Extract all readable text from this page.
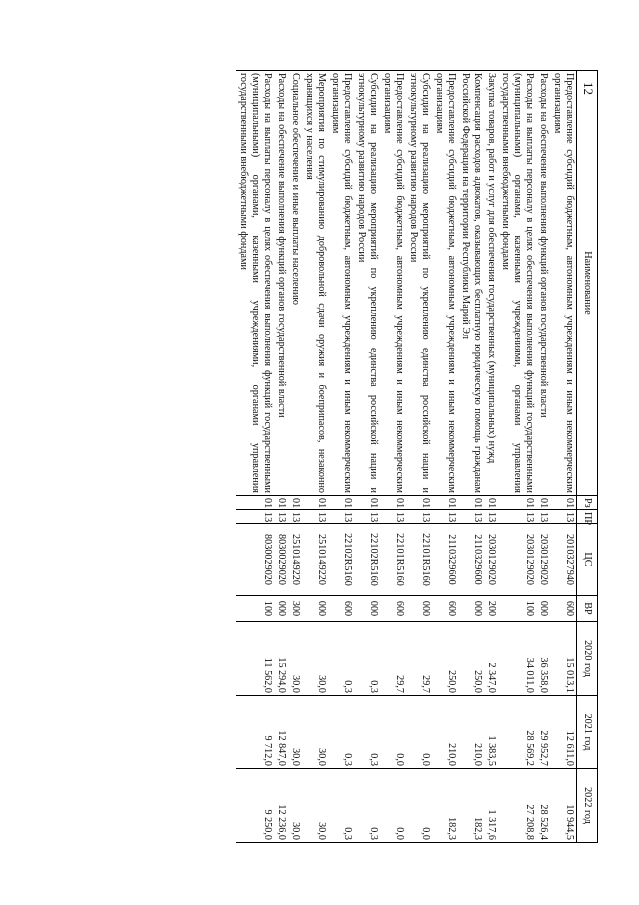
12
Наименование	Рз	ПР	ЦС	ВР	2020 год	2021 год	2022 год
Предоставление субсидий бюджетным, автономным учреждениям и иным некоммерческим организациям	01	13	2010327940	600	15 013,1	12 611,0	10 944,5
Расходы на обеспечение выполнения функций органов государственной власти	01	13	2030129020	000	36 358,0	29 952,7	28 526,4
Расходы на выплаты персоналу в целях обеспечения выполнения функций государственными (муниципальными) органами, казенными учреждениями, органами управления государственными внебюджетными фондами	01	13	2030129020	100	34 011,0	28 569,2	27 208,8
Закупка товаров, работ и услуг для обеспечения государственных (муниципальных) нужд	01	13	2030129020	200	2 347,0	1 383,5	1 317,6
Компенсация расходов адвокатов, оказывающих бесплатную юридическую помощь гражданам Российской Федерации на территории Республики Марий Эл	01	13	2110329600	000	250,0	210,0	182,3
Предоставление субсидий бюджетным, автономным учреждениям и иным некоммерческим организациям	01	13	2110329600	600	250,0	210,0	182,3
Субсидии на реализацию мероприятий по укреплению единства российской нации и этнокультурному развитию народов России	01	13	22101R5160	000	29,7	0,0	0,0
Предоставление субсидий бюджетным, автономным учреждениям и иным некоммерческим организациям	01	13	22101R5160	600	29,7	0,0	0,0
Субсидии на реализацию мероприятий по укреплению единства российской нации и этнокультурному развитию народов России	01	13	22102R5160	000	0,3	0,3	0,3
Предоставление субсидий бюджетным, автономным учреждениям и иным некоммерческим организациям	01	13	22102R5160	600	0,3	0,3	0,3
Мероприятия по стимулированию добровольной сдачи оружия и боеприпасов, незаконно хранящихся у населения	01	13	2510149220	000	30,0	30,0	30,0
Социальное обеспечение и иные выплаты населению	01	13	2510149220	300	30,0	30,0	30,0
Расходы на обеспечение выполнения функций органов государственной власти	01	13	8030029020	000	15 294,0	12 847,0	12 236,0
Расходы на выплаты персоналу в целях обеспечения выполнения функций государственными (муниципальными) органами, казенными учреждениями, органами управления государственными внебюджетными фондами	01	13	8030029020	100	11 562,0	9 712,0	9 250,0
